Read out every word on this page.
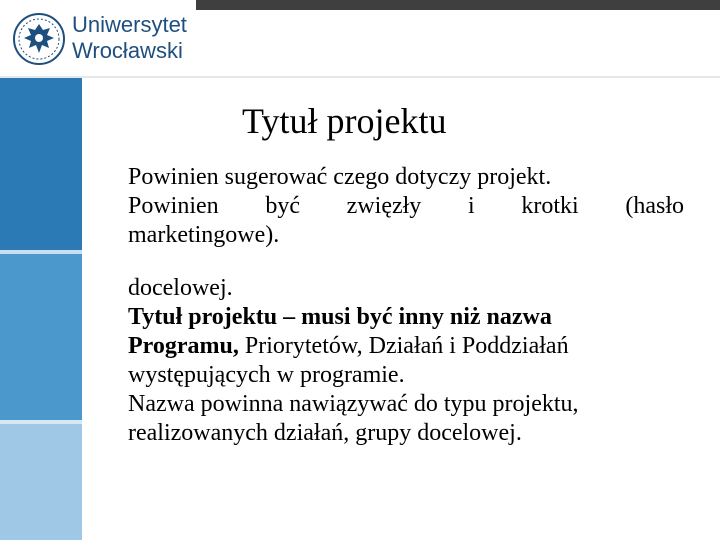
Uniwersytet
Wrocławski
Tytuł projektu
Powinien sugerować czego dotyczy projekt.
Powinien być zwięzły i krotki (hasło
marketingowe).
docelowej.
Tytuł projektu – musi być inny niż nazwa
Programu, Priorytetów, Działań i Poddziałań
występujących w programie.
Nazwa powinna nawiązywać do typu projektu,
realizowanych działań, grupy docelowej.
